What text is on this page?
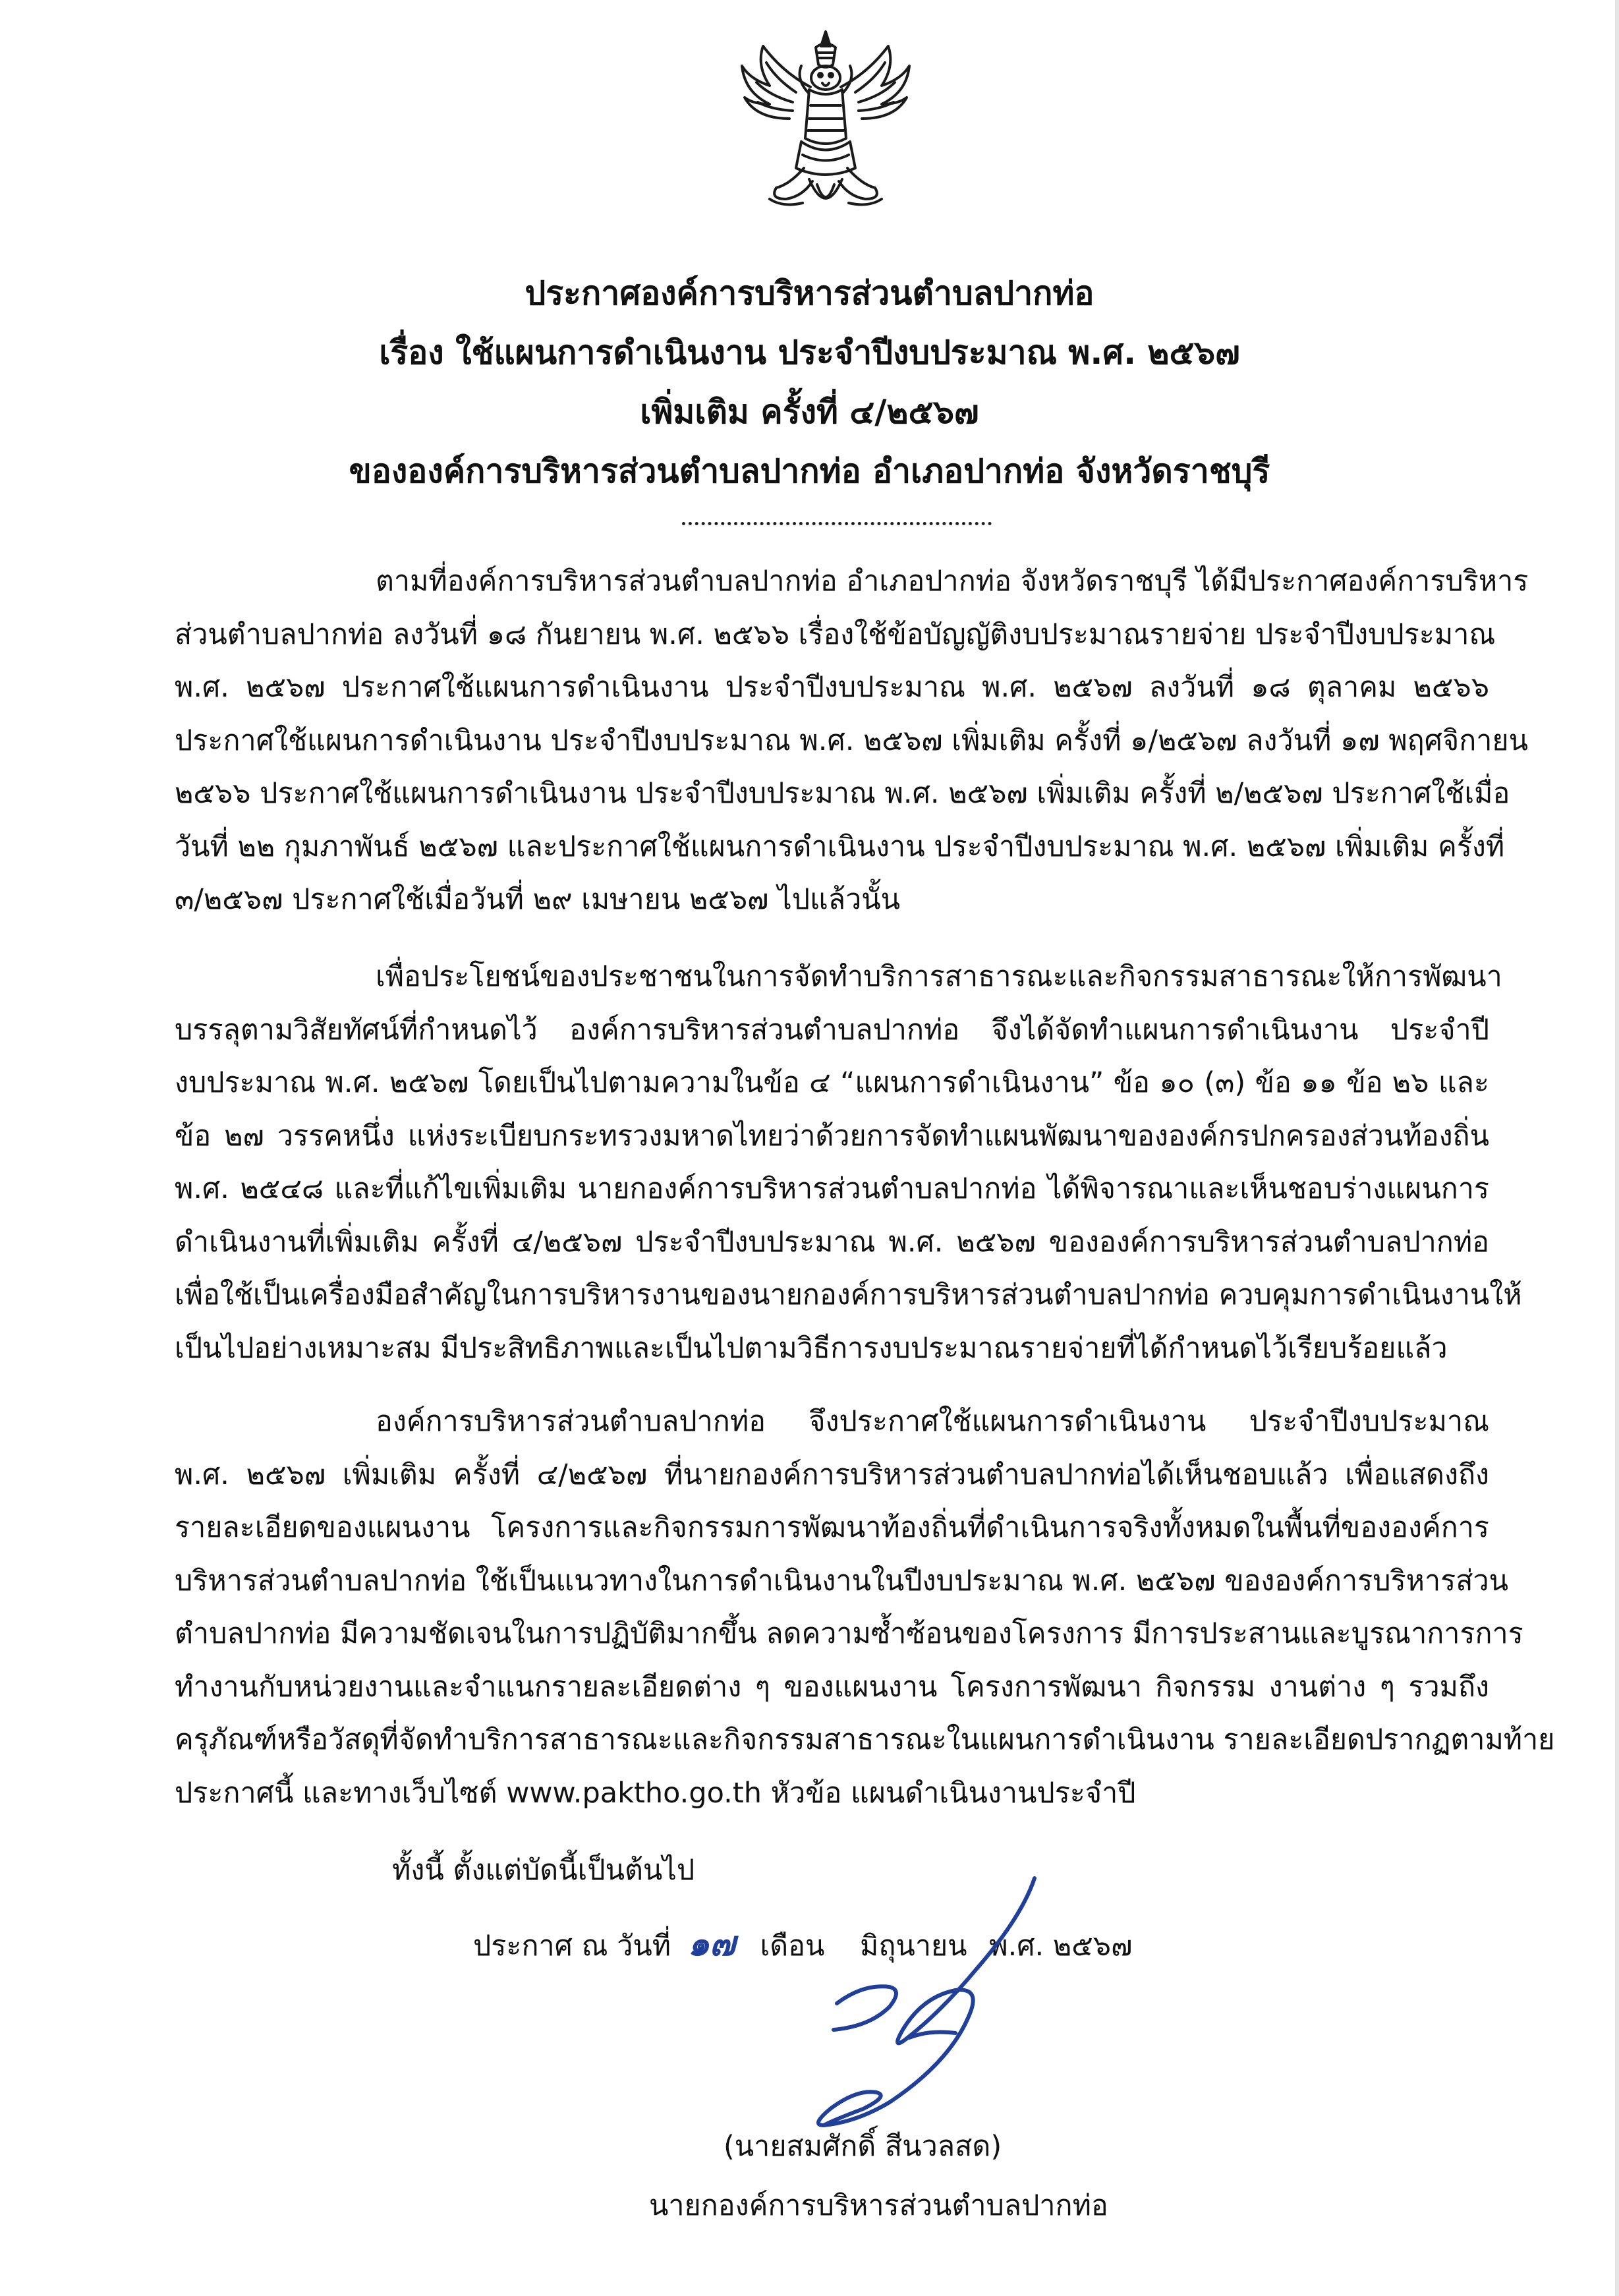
ประกาศองค์การบริหารส่วนตำบลปากท่อ
เรื่อง ใช้แผนการดำเนินงาน ประจำปีงบประมาณ พ.ศ. ๒๕๖๗
เพิ่มเติม ครั้งที่ ๔/๒๕๖๗
ขององค์การบริหารส่วนตำบลปากท่อ อำเภอปากท่อ จังหวัดราชบุรี
ตามที่องค์การบริหารส่วนตำบลปากท่อ อำเภอปากท่อ จังหวัดราชบุรี ได้มีประกาศองค์การบริหาร
ส่วนตำบลปากท่อ ลงวันที่ ๑๘ กันยายน พ.ศ. ๒๕๖๖ เรื่องใช้ข้อบัญญัติงบประมาณรายจ่าย ประจำปีงบประมาณ
พ.ศ. ๒๕๖๗ ประกาศใช้แผนการดำเนินงาน ประจำปีงบประมาณ พ.ศ. ๒๕๖๗ ลงวันที่ ๑๘ ตุลาคม ๒๕๖๖
ประกาศใช้แผนการดำเนินงาน ประจำปีงบประมาณ พ.ศ. ๒๕๖๗ เพิ่มเติม ครั้งที่ ๑/๒๕๖๗ ลงวันที่ ๑๗ พฤศจิกายน
๒๕๖๖ ประกาศใช้แผนการดำเนินงาน ประจำปีงบประมาณ พ.ศ. ๒๕๖๗ เพิ่มเติม ครั้งที่ ๒/๒๕๖๗ ประกาศใช้เมื่อ
วันที่ ๒๒ กุมภาพันธ์ ๒๕๖๗ และประกาศใช้แผนการดำเนินงาน ประจำปีงบประมาณ พ.ศ. ๒๕๖๗ เพิ่มเติม ครั้งที่
๓/๒๕๖๗ ประกาศใช้เมื่อวันที่ ๒๙ เมษายน ๒๕๖๗ ไปแล้วนั้น
เพื่อประโยชน์ของประชาชนในการจัดทำบริการสาธารณะและกิจกรรมสาธารณะให้การพัฒนา
บรรลุตามวิสัยทัศน์ที่กำหนดไว้ องค์การบริหารส่วนตำบลปากท่อ จึงได้จัดทำแผนการดำเนินงาน ประจำปี
งบประมาณ พ.ศ. ๒๕๖๗ โดยเป็นไปตามความในข้อ ๔ “แผนการดำเนินงาน” ข้อ ๑๐ (๓) ข้อ ๑๑ ข้อ ๒๖ และ
ข้อ ๒๗ วรรคหนึ่ง แห่งระเบียบกระทรวงมหาดไทยว่าด้วยการจัดทำแผนพัฒนาขององค์กรปกครองส่วนท้องถิ่น
พ.ศ. ๒๕๔๘ และที่แก้ไขเพิ่มเติม นายกองค์การบริหารส่วนตำบลปากท่อ ได้พิจารณาและเห็นชอบร่างแผนการ
ดำเนินงานที่เพิ่มเติม ครั้งที่ ๔/๒๕๖๗ ประจำปีงบประมาณ พ.ศ. ๒๕๖๗ ขององค์การบริหารส่วนตำบลปากท่อ
เพื่อใช้เป็นเครื่องมือสำคัญในการบริหารงานของนายกองค์การบริหารส่วนตำบลปากท่อ ควบคุมการดำเนินงานให้
เป็นไปอย่างเหมาะสม มีประสิทธิภาพและเป็นไปตามวิธีการงบประมาณรายจ่ายที่ได้กำหนดไว้เรียบร้อยแล้ว
องค์การบริหารส่วนตำบลปากท่อ จึงประกาศใช้แผนการดำเนินงาน ประจำปีงบประมาณ
พ.ศ. ๒๕๖๗ เพิ่มเติม ครั้งที่ ๔/๒๕๖๗ ที่นายกองค์การบริหารส่วนตำบลปากท่อได้เห็นชอบแล้ว เพื่อแสดงถึง
รายละเอียดของแผนงาน โครงการและกิจกรรมการพัฒนาท้องถิ่นที่ดำเนินการจริงทั้งหมดในพื้นที่ขององค์การ
บริหารส่วนตำบลปากท่อ ใช้เป็นแนวทางในการดำเนินงานในปีงบประมาณ พ.ศ. ๒๕๖๗ ขององค์การบริหารส่วน
ตำบลปากท่อ มีความชัดเจนในการปฏิบัติมากขึ้น ลดความซ้ำซ้อนของโครงการ มีการประสานและบูรณาการการ
ทำงานกับหน่วยงานและจำแนกรายละเอียดต่าง ๆ ของแผนงาน โครงการพัฒนา กิจกรรม งานต่าง ๆ รวมถึง
ครุภัณฑ์หรือวัสดุที่จัดทำบริการสาธารณะและกิจกรรมสาธารณะในแผนการดำเนินงาน รายละเอียดปรากฏตามท้าย
ประกาศนี้ และทางเว็บไซต์ www.paktho.go.th หัวข้อ แผนดำเนินงานประจำปี
ทั้งนี้ ตั้งแต่บัดนี้เป็นต้นไป
ประกาศ ณ วันที่ ๑๗ เดือน มิถุนายน พ.ศ. ๒๕๖๗
(นายสมศักดิ์ สีนวลสด)
นายกองค์การบริหารส่วนตำบลปากท่อ
